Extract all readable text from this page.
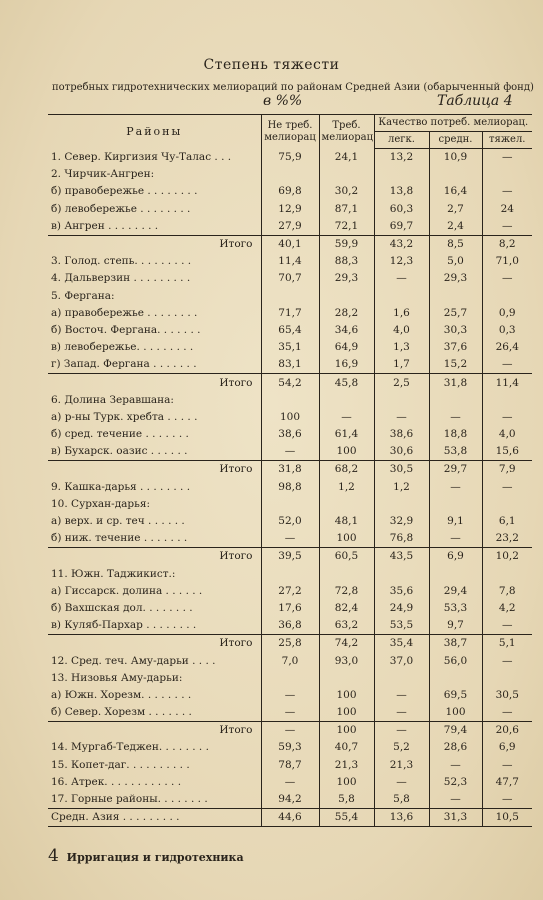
Степень тяжести
потребных гидротехнических мелиораций по районам Средней Азии (обарыченный фонд)
в %%	Таблица 4
Районы	Не треб. мелиорац	Треб. мелиорац	Качество потреб. мелиорац.		
			легк.	средн.	тяжел.
1. Север. Киргизия Чу-Талас . . .	75,9	24,1	13,2	10,9	—
2. Чирчик-Ангрен:					
б) правобережье . . . . . . . .	69,8	30,2	13,8	16,4	—
б) левобережье . . . . . . . .	12,9	87,1	60,3	2,7	24
в) Ангрен . . . . . . . .	27,9	72,1	69,7	2,4	—
Итого	40,1	59,9	43,2	8,5	8,2
3. Голод. степь. . . . . . . . .	11,4	88,3	12,3	5,0	71,0
4. Дальверзин . . . . . . . . .	70,7	29,3	—	29,3	—
5. Фергана:					
а) правобережье . . . . . . . .	71,7	28,2	1,6	25,7	0,9
б) Восточ. Фергана. . . . . . .	65,4	34,6	4,0	30,3	0,3
в) левобережье. . . . . . . . .	35,1	64,9	1,3	37,6	26,4
г) Запад. Фергана . . . . . . .	83,1	16,9	1,7	15,2	—
Итого	54,2	45,8	2,5	31,8	11,4
6. Долина Зеравшана:					
а) р-ны Турк. хребта . . . . .	100	—	—	—	—
б) сред. течение . . . . . . .	38,6	61,4	38,6	18,8	4,0
в) Бухарск. оазис . . . . . .	—	100	30,6	53,8	15,6
Итого	31,8	68,2	30,5	29,7	7,9
9. Кашка-дарья . . . . . . . .	98,8	1,2	1,2	—	—
10. Сурхан-дарья:					
а) верх. и ср. теч . . . . . .	52,0	48,1	32,9	9,1	6,1
б) ниж. течение . . . . . . .	—	100	76,8	—	23,2
Итого	39,5	60,5	43,5	6,9	10,2
11. Южн. Таджикист.:					
а) Гиссарск. долина . . . . . .	27,2	72,8	35,6	29,4	7,8
б) Вахшская дол. . . . . . . .	17,6	82,4	24,9	53,3	4,2
в) Куляб-Пархар . . . . . . . .	36,8	63,2	53,5	9,7	—
Итого	25,8	74,2	35,4	38,7	5,1
12. Сред. теч. Аму-дарьи . . . .	7,0	93,0	37,0	56,0	—
13. Низовья Аму-дарьи:					
а) Южн. Хорезм. . . . . . . .	—	100	—	69,5	30,5
б) Север. Хорезм . . . . . . .	—	100	—	100	—
Итого	—	100	—	79,4	20,6
14. Мургаб-Теджен. . . . . . . .	59,3	40,7	5,2	28,6	6,9
15. Копет-даг. . . . . . . . . .	78,7	21,3	21,3	—	—
16. Атрек. . . . . . . . . . . .	—	100	—	52,3	47,7
17. Горные районы. . . . . . . .	94,2	5,8	5,8	—	—
Средн. Азия . . . . . . . . .	44,6	55,4	13,6	31,3	10,5
4 Ирригация и гидротехника
